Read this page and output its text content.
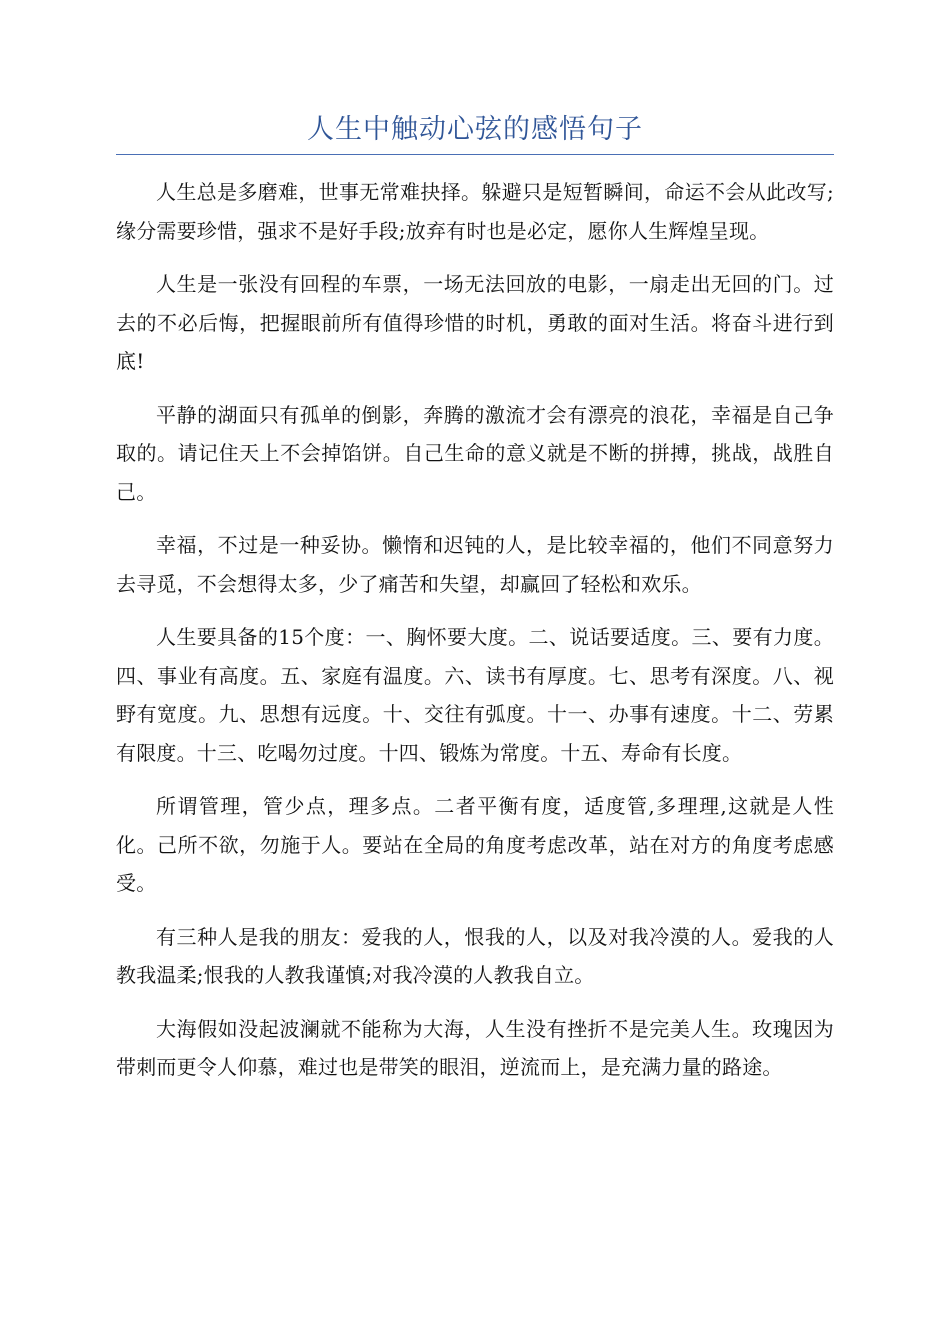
人生中触动心弦的感悟句子

人生总是多磨难，世事无常难抉择。躲避只是短暂瞬间，命运不会从此改写;缘分需要珍惜，强求不是好手段;放弃有时也是必定，愿你人生辉煌呈现。

人生是一张没有回程的车票，一场无法回放的电影，一扇走出无回的门。过去的不必后悔，把握眼前所有值得珍惜的时机，勇敢的面对生活。将奋斗进行到底!

平静的湖面只有孤单的倒影，奔腾的激流才会有漂亮的浪花，幸福是自己争取的。请记住天上不会掉馅饼。自己生命的意义就是不断的拼搏，挑战，战胜自己。

幸福，不过是一种妥协。懒惰和迟钝的人，是比较幸福的，他们不同意努力去寻觅，不会想得太多，少了痛苦和失望，却赢回了轻松和欢乐。

人生要具备的15个度：一、胸怀要大度。二、说话要适度。三、要有力度。四、事业有高度。五、家庭有温度。六、读书有厚度。七、思考有深度。八、视野有宽度。九、思想有远度。十、交往有弧度。十一、办事有速度。十二、劳累有限度。十三、吃喝勿过度。十四、锻炼为常度。十五、寿命有长度。

所谓管理，管少点，理多点。二者平衡有度，适度管,多理理,这就是人性化。己所不欲，勿施于人。要站在全局的角度考虑改革，站在对方的角度考虑感受。

有三种人是我的朋友：爱我的人，恨我的人，以及对我冷漠的人。爱我的人教我温柔;恨我的人教我谨慎;对我冷漠的人教我自立。

大海假如没起波澜就不能称为大海，人生没有挫折不是完美人生。玫瑰因为带刺而更令人仰慕，难过也是带笑的眼泪，逆流而上，是充满力量的路途。
